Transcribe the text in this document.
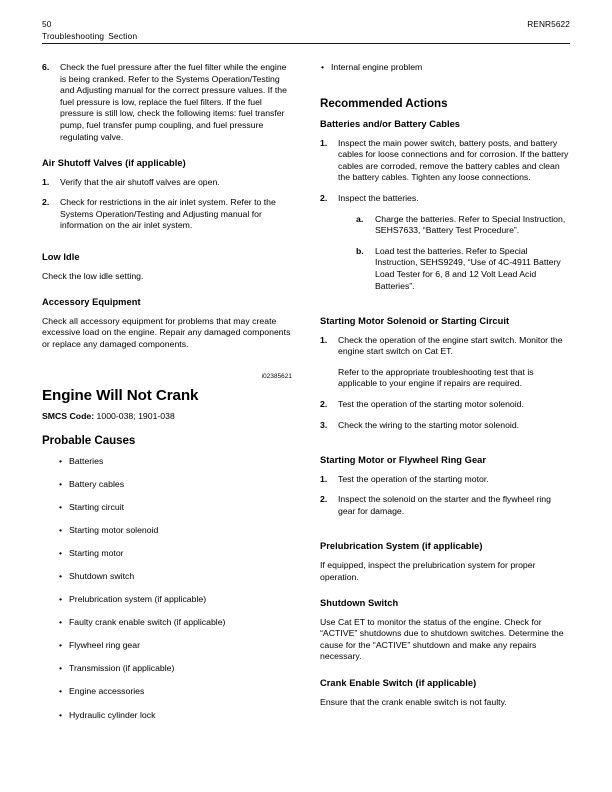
50	RENR5622
Troubleshooting Section
6.	Check the fuel pressure after the fuel filter while the engine is being cranked. Refer to the Systems Operation/Testing and Adjusting manual for the correct pressure values. If the fuel pressure is low, replace the fuel filters. If the fuel pressure is still low, check the following items: fuel transfer pump, fuel transfer pump coupling, and fuel pressure regulating valve.
Air Shutoff Valves (if applicable)
1.	Verify that the air shutoff valves are open.
2.	Check for restrictions in the air inlet system. Refer to the Systems Operation/Testing and Adjusting manual for information on the air inlet system.
Low Idle

Check the low idle setting.

Accessory Equipment

Check all accessory equipment for problems that may create excessive load on the engine. Repair any damaged components or replace any damaged components.

i02385621
Engine Will Not Crank
SMCS Code: 1000-038; 1901-038
Probable Causes
• Batteries
• Battery cables
• Starting circuit
• Starting motor solenoid
• Starting motor
• Shutdown switch
• Prelubrication system (if applicable)
• Faulty crank enable switch (if applicable)
• Flywheel ring gear
• Transmission (if applicable)
• Engine accessories
• Hydraulic cylinder lock
• Internal engine problem
Recommended Actions
Batteries and/or Battery Cables
1.	Inspect the main power switch, battery posts, and battery cables for loose connections and for corrosion. If the battery cables are corroded, remove the battery cables and clean the battery cables. Tighten any loose connections.
2.	Inspect the batteries.
a.	Charge the batteries. Refer to Special Instruction, SEHS7633, “Battery Test Procedure”.
b.	Load test the batteries. Refer to Special Instruction, SEHS9249, “Use of 4C‑4911 Battery Load Tester for 6, 8 and 12 Volt Lead Acid Batteries”.
Starting Motor Solenoid or Starting Circuit
1.	Check the operation of the engine start switch. Monitor the engine start switch on Cat ET.
Refer to the appropriate troubleshooting test that is applicable to your engine if repairs are required.
2.	Test the operation of the starting motor solenoid.
3.	Check the wiring to the starting motor solenoid.
Starting Motor or Flywheel Ring Gear
1.	Test the operation of the starting motor.
2.	Inspect the solenoid on the starter and the flywheel ring gear for damage.
Prelubrication System (if applicable)

If equipped, inspect the prelubrication system for proper operation.

Shutdown Switch

Use Cat ET to monitor the status of the engine. Check for “ACTIVE” shutdowns due to shutdown switches. Determine the cause for the “ACTIVE” shutdown and make any repairs necessary.

Crank Enable Switch (if applicable)

Ensure that the crank enable switch is not faulty.
